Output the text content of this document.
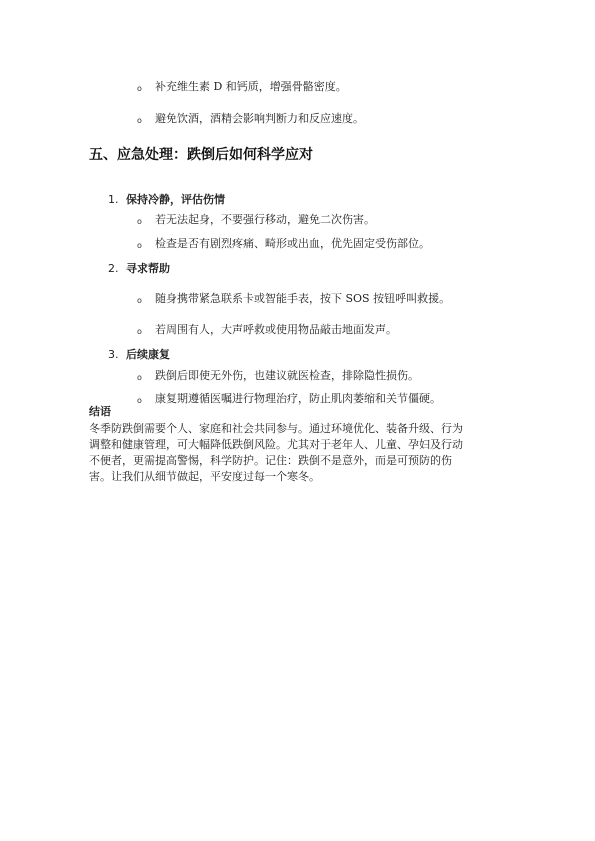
o 补充维生素 D 和钙质，增强骨骼密度。
o 避免饮酒，酒精会影响判断力和反应速度。
五、应急处理：跌倒后如何科学应对
1. 保持冷静，评估伤情
o 若无法起身，不要强行移动，避免二次伤害。
o 检查是否有剧烈疼痛、畸形或出血，优先固定受伤部位。
2. 寻求帮助
o 随身携带紧急联系卡或智能手表，按下 SOS 按钮呼叫救援。
o 若周围有人，大声呼救或使用物品敲击地面发声。
3. 后续康复
o 跌倒后即使无外伤，也建议就医检查，排除隐性损伤。
o 康复期遵循医嘱进行物理治疗，防止肌肉萎缩和关节僵硬。
结语
冬季防跌倒需要个人、家庭和社会共同参与。通过环境优化、装备升级、行为
调整和健康管理，可大幅降低跌倒风险。尤其对于老年人、儿童、孕妇及行动
不便者，更需提高警惕，科学防护。记住：跌倒不是意外，而是可预防的伤
害。让我们从细节做起，平安度过每一个寒冬。
